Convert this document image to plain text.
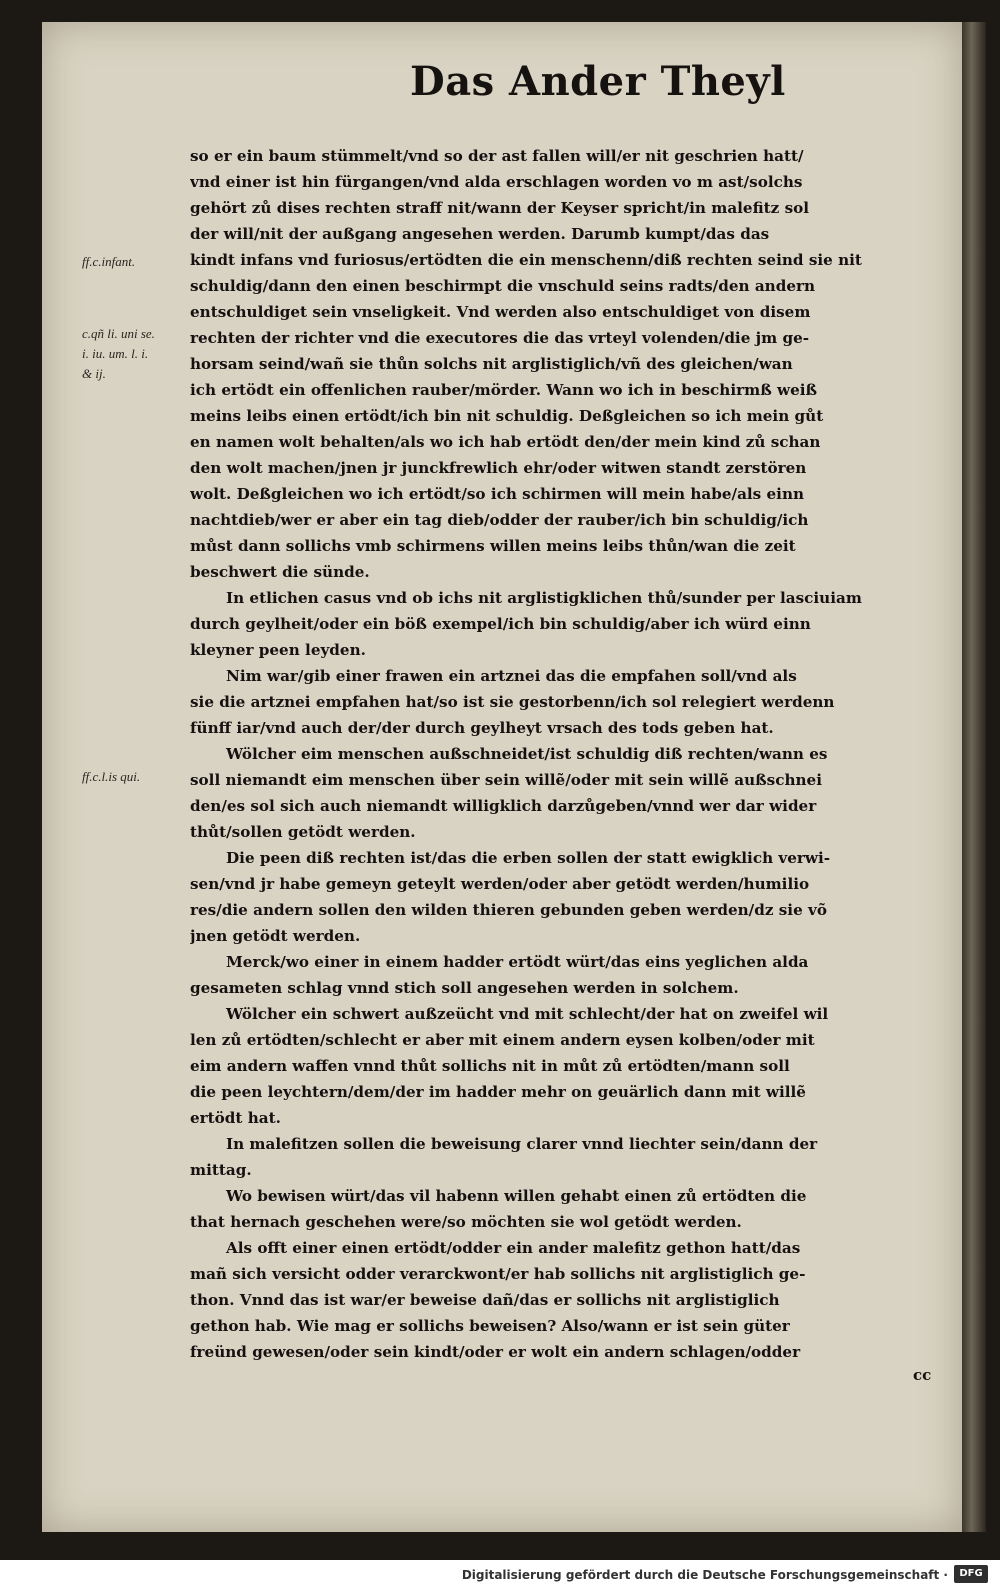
Das Ander Theyl
ff.c.infant.
c.qñ li. uni se.
i. iu. um. l. i.
& ij.
ff.c.l.is qui.
so er ein baum stümmelt/vnd so der ast fallen will/er nit geschrien hatt/
vnd einer ist hin fürgangen/vnd alda erschlagen worden vo m ast/solchs
gehört zů dises rechten straff nit/wann der Keyser spricht/in malefitz sol
der will/nit der außgang angesehen werden. Darumb kumpt/das das
kindt infans vnd furiosus/ertödten die ein menschenn/diß rechten seind sie nit
schuldig/dann den einen beschirmpt die vnschuld seins radts/den andern
entschuldiget sein vnseligkeit. Vnd werden also entschuldiget von disem
rechten der richter vnd die executores die das vrteyl volenden/die jm ge-
horsam seind/wañ sie thůn solchs nit arglistiglich/vñ des gleichen/wan
ich ertödt ein offenlichen rauber/mörder. Wann wo ich in beschirmß weiß
meins leibs einen ertödt/ich bin nit schuldig. Deßgleichen so ich mein gůt
en namen wolt behalten/als wo ich hab ertödt den/der mein kind zů schan
den wolt machen/jnen jr junckfrewlich ehr/oder witwen standt zerstören
wolt. Deßgleichen wo ich ertödt/so ich schirmen will mein habe/als einn
nachtdieb/wer er aber ein tag dieb/odder der rauber/ich bin schuldig/ich
můst dann sollichs vmb schirmens willen meins leibs thůn/wan die zeit
beschwert die sünde.
In etlichen casus vnd ob ichs nit arglistigklichen thů/sunder per lasciuiam
durch geylheit/oder ein böß exempel/ich bin schuldig/aber ich würd einn
kleyner peen leyden.
Nim war/gib einer frawen ein artznei das die empfahen soll/vnd als
sie die artznei empfahen hat/so ist sie gestorbenn/ich sol relegiert werdenn
fünff iar/vnd auch der/der durch geylheyt vrsach des tods geben hat.
Wölcher eim menschen außschneidet/ist schuldig diß rechten/wann es
soll niemandt eim menschen über sein willẽ/oder mit sein willẽ außschnei
den/es sol sich auch niemandt willigklich darzůgeben/vnnd wer dar wider
thůt/sollen getödt werden.
Die peen diß rechten ist/das die erben sollen der statt ewigklich verwi-
sen/vnd jr habe gemeyn geteylt werden/oder aber getödt werden/humilio
res/die andern sollen den wilden thieren gebunden geben werden/dz sie võ
jnen getödt werden.
Merck/wo einer in einem hadder ertödt würt/das eins yeglichen alda
gesameten schlag vnnd stich soll angesehen werden in solchem.
Wölcher ein schwert außzeücht vnd mit schlecht/der hat on zweifel wil
len zů ertödten/schlecht er aber mit einem andern eysen kolben/oder mit
eim andern waffen vnnd thůt sollichs nit in můt zů ertödten/mann soll
die peen leychtern/dem/der im hadder mehr on geuärlich dann mit willẽ
ertödt hat.
In malefitzen sollen die beweisung clarer vnnd liechter sein/dann der
mittag.
Wo bewisen würt/das vil habenn willen gehabt einen zů ertödten die
that hernach geschehen were/so möchten sie wol getödt werden.
Als offt einer einen ertödt/odder ein ander malefitz gethon hatt/das
mañ sich versicht odder verarckwont/er hab sollichs nit arglistiglich ge-
thon. Vnnd das ist war/er beweise dañ/das er sollichs nit arglistiglich
gethon hab. Wie mag er sollichs beweisen? Also/wann er ist sein güter
freünd gewesen/oder sein kindt/oder er wolt ein andern schlagen/odder
cc
Digitalisierung gefördert durch die Deutsche Forschungsgemeinschaft ·	DFG
